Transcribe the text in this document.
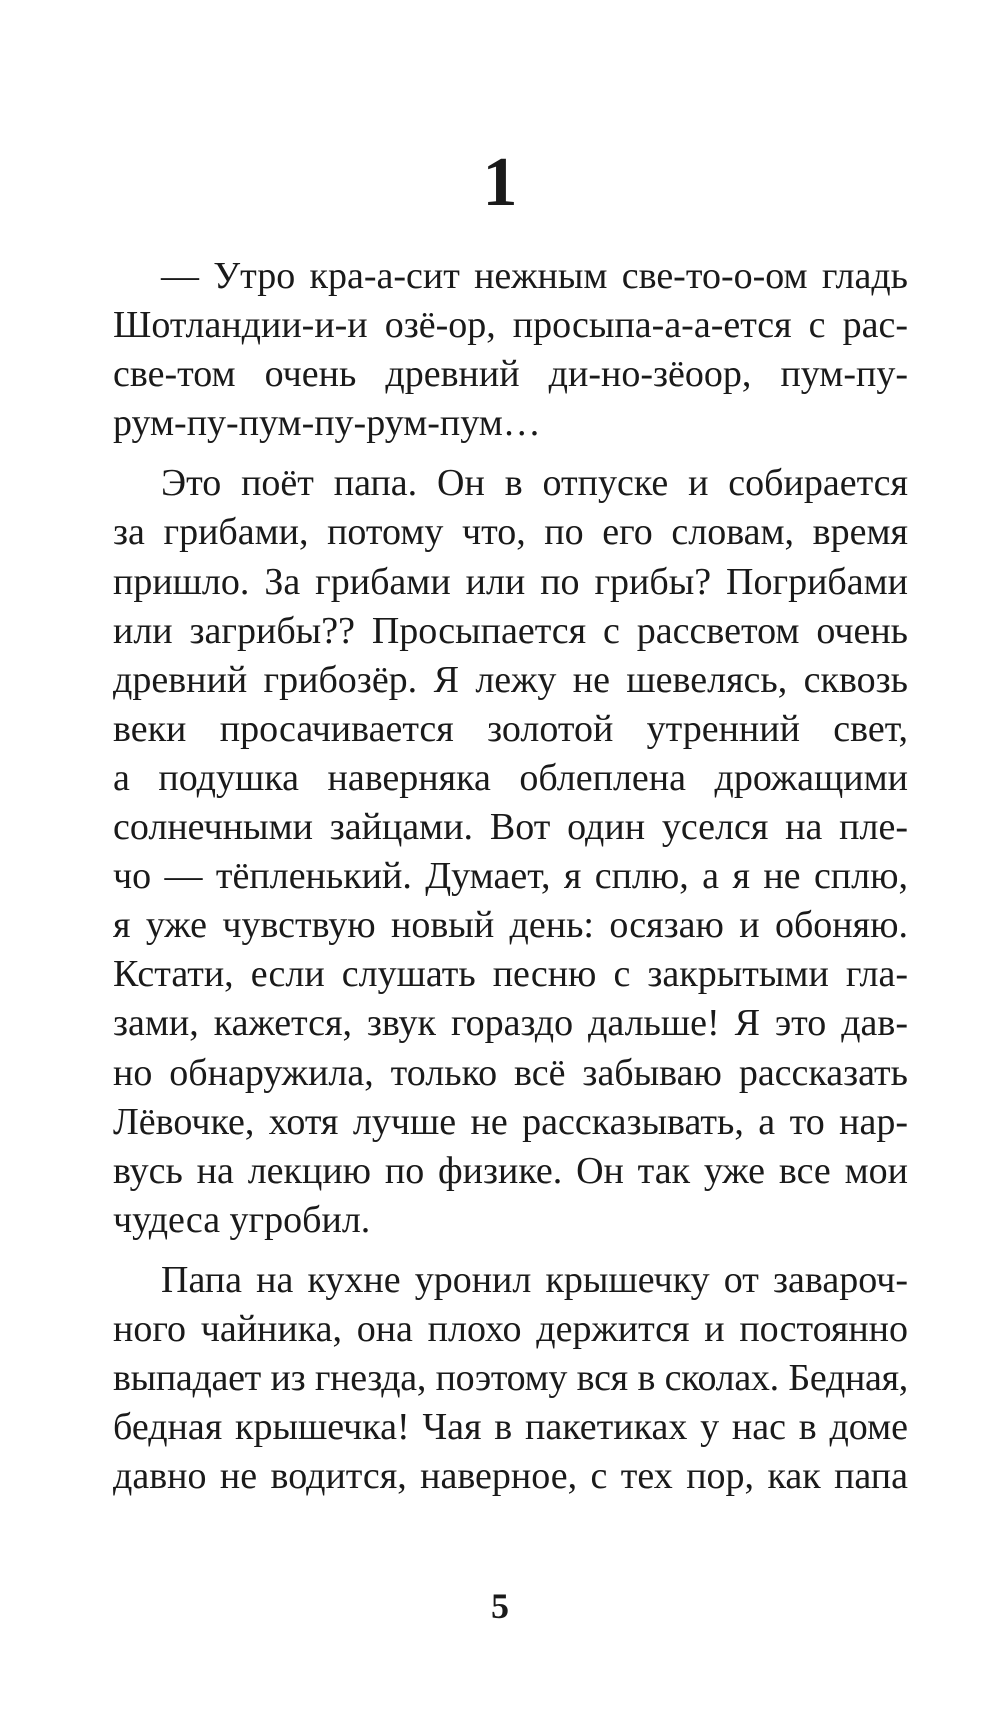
1
— Утро кра-а-сит нежным све-то-о-ом гладь
Шотландии-и-и озё-ор, просыпа-а-а-ется с рас-
све-том очень древний ди-но-зёоор, пум-пу-
рум-пу-пум-пу-рум-пум…
Это поёт папа. Он в отпуске и собирается
за грибами, потому что, по его словам, время
пришло. За грибами или по грибы? Погрибами
или загрибы?? Просыпается с рассветом очень
древний грибозёр. Я лежу не шевелясь, сквозь
веки просачивается золотой утренний свет,
а подушка наверняка облеплена дрожащими
солнечными зайцами. Вот один уселся на пле-
чо — тёпленький. Думает, я сплю, а я не сплю,
я уже чувствую новый день: осязаю и обоняю.
Кстати, если слушать песню с закрытыми гла-
зами, кажется, звук гораздо дальше! Я это дав-
но обнаружила, только всё забываю рассказать
Лёвочке, хотя лучше не рассказывать, а то нар-
вусь на лекцию по физике. Он так уже все мои
чудеса угробил.
Папа на кухне уронил крышечку от завароч-
ного чайника, она плохо держится и постоянно
выпадает из гнезда, поэтому вся в сколах. Бедная,
бедная крышечка! Чая в пакетиках у нас в доме
давно не водится, наверное, с тех пор, как папа
5
